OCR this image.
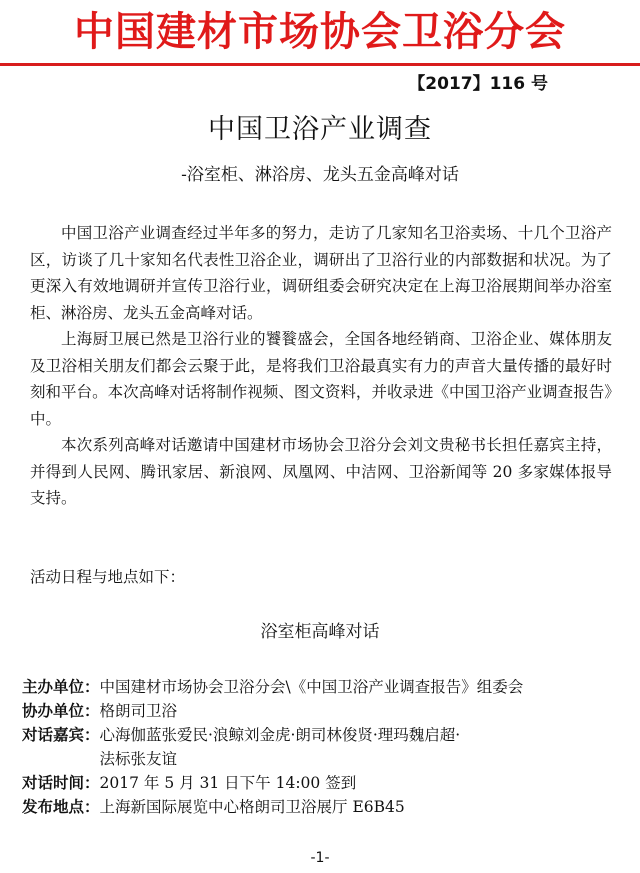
中国建材市场协会卫浴分会
【2017】116 号
中国卫浴产业调查
-浴室柜、淋浴房、龙头五金高峰对话

中国卫浴产业调查经过半年多的努力，走访了几家知名卫浴卖场、十几个卫浴产区，访谈了几十家知名代表性卫浴企业，调研出了卫浴行业的内部数据和状况。为了更深入有效地调研并宣传卫浴行业，调研组委会研究决定在上海卫浴展期间举办浴室柜、淋浴房、龙头五金高峰对话。

上海厨卫展已然是卫浴行业的饕餮盛会，全国各地经销商、卫浴企业、媒体朋友及卫浴相关朋友们都会云聚于此，是将我们卫浴最真实有力的声音大量传播的最好时刻和平台。本次高峰对话将制作视频、图文资料，并收录进《中国卫浴产业调查报告》中。

本次系列高峰对话邀请中国建材市场协会卫浴分会刘文贵秘书长担任嘉宾主持，并得到人民网、腾讯家居、新浪网、凤凰网、中洁网、卫浴新闻等 20 多家媒体报导支持。

活动日程与地点如下：
浴室柜高峰对话
主办单位： 中国建材市场协会卫浴分会\《中国卫浴产业调查报告》组委会
协办单位： 格朗司卫浴
对话嘉宾： 心海伽蓝张爱民·浪鲸刘金虎·朗司林俊贤·理玛魏启超·
法标张友谊
对话时间： 2017 年 5 月 31 日下午 14:00 签到
发布地点： 上海新国际展览中心格朗司卫浴展厅 E6B45
-1-
